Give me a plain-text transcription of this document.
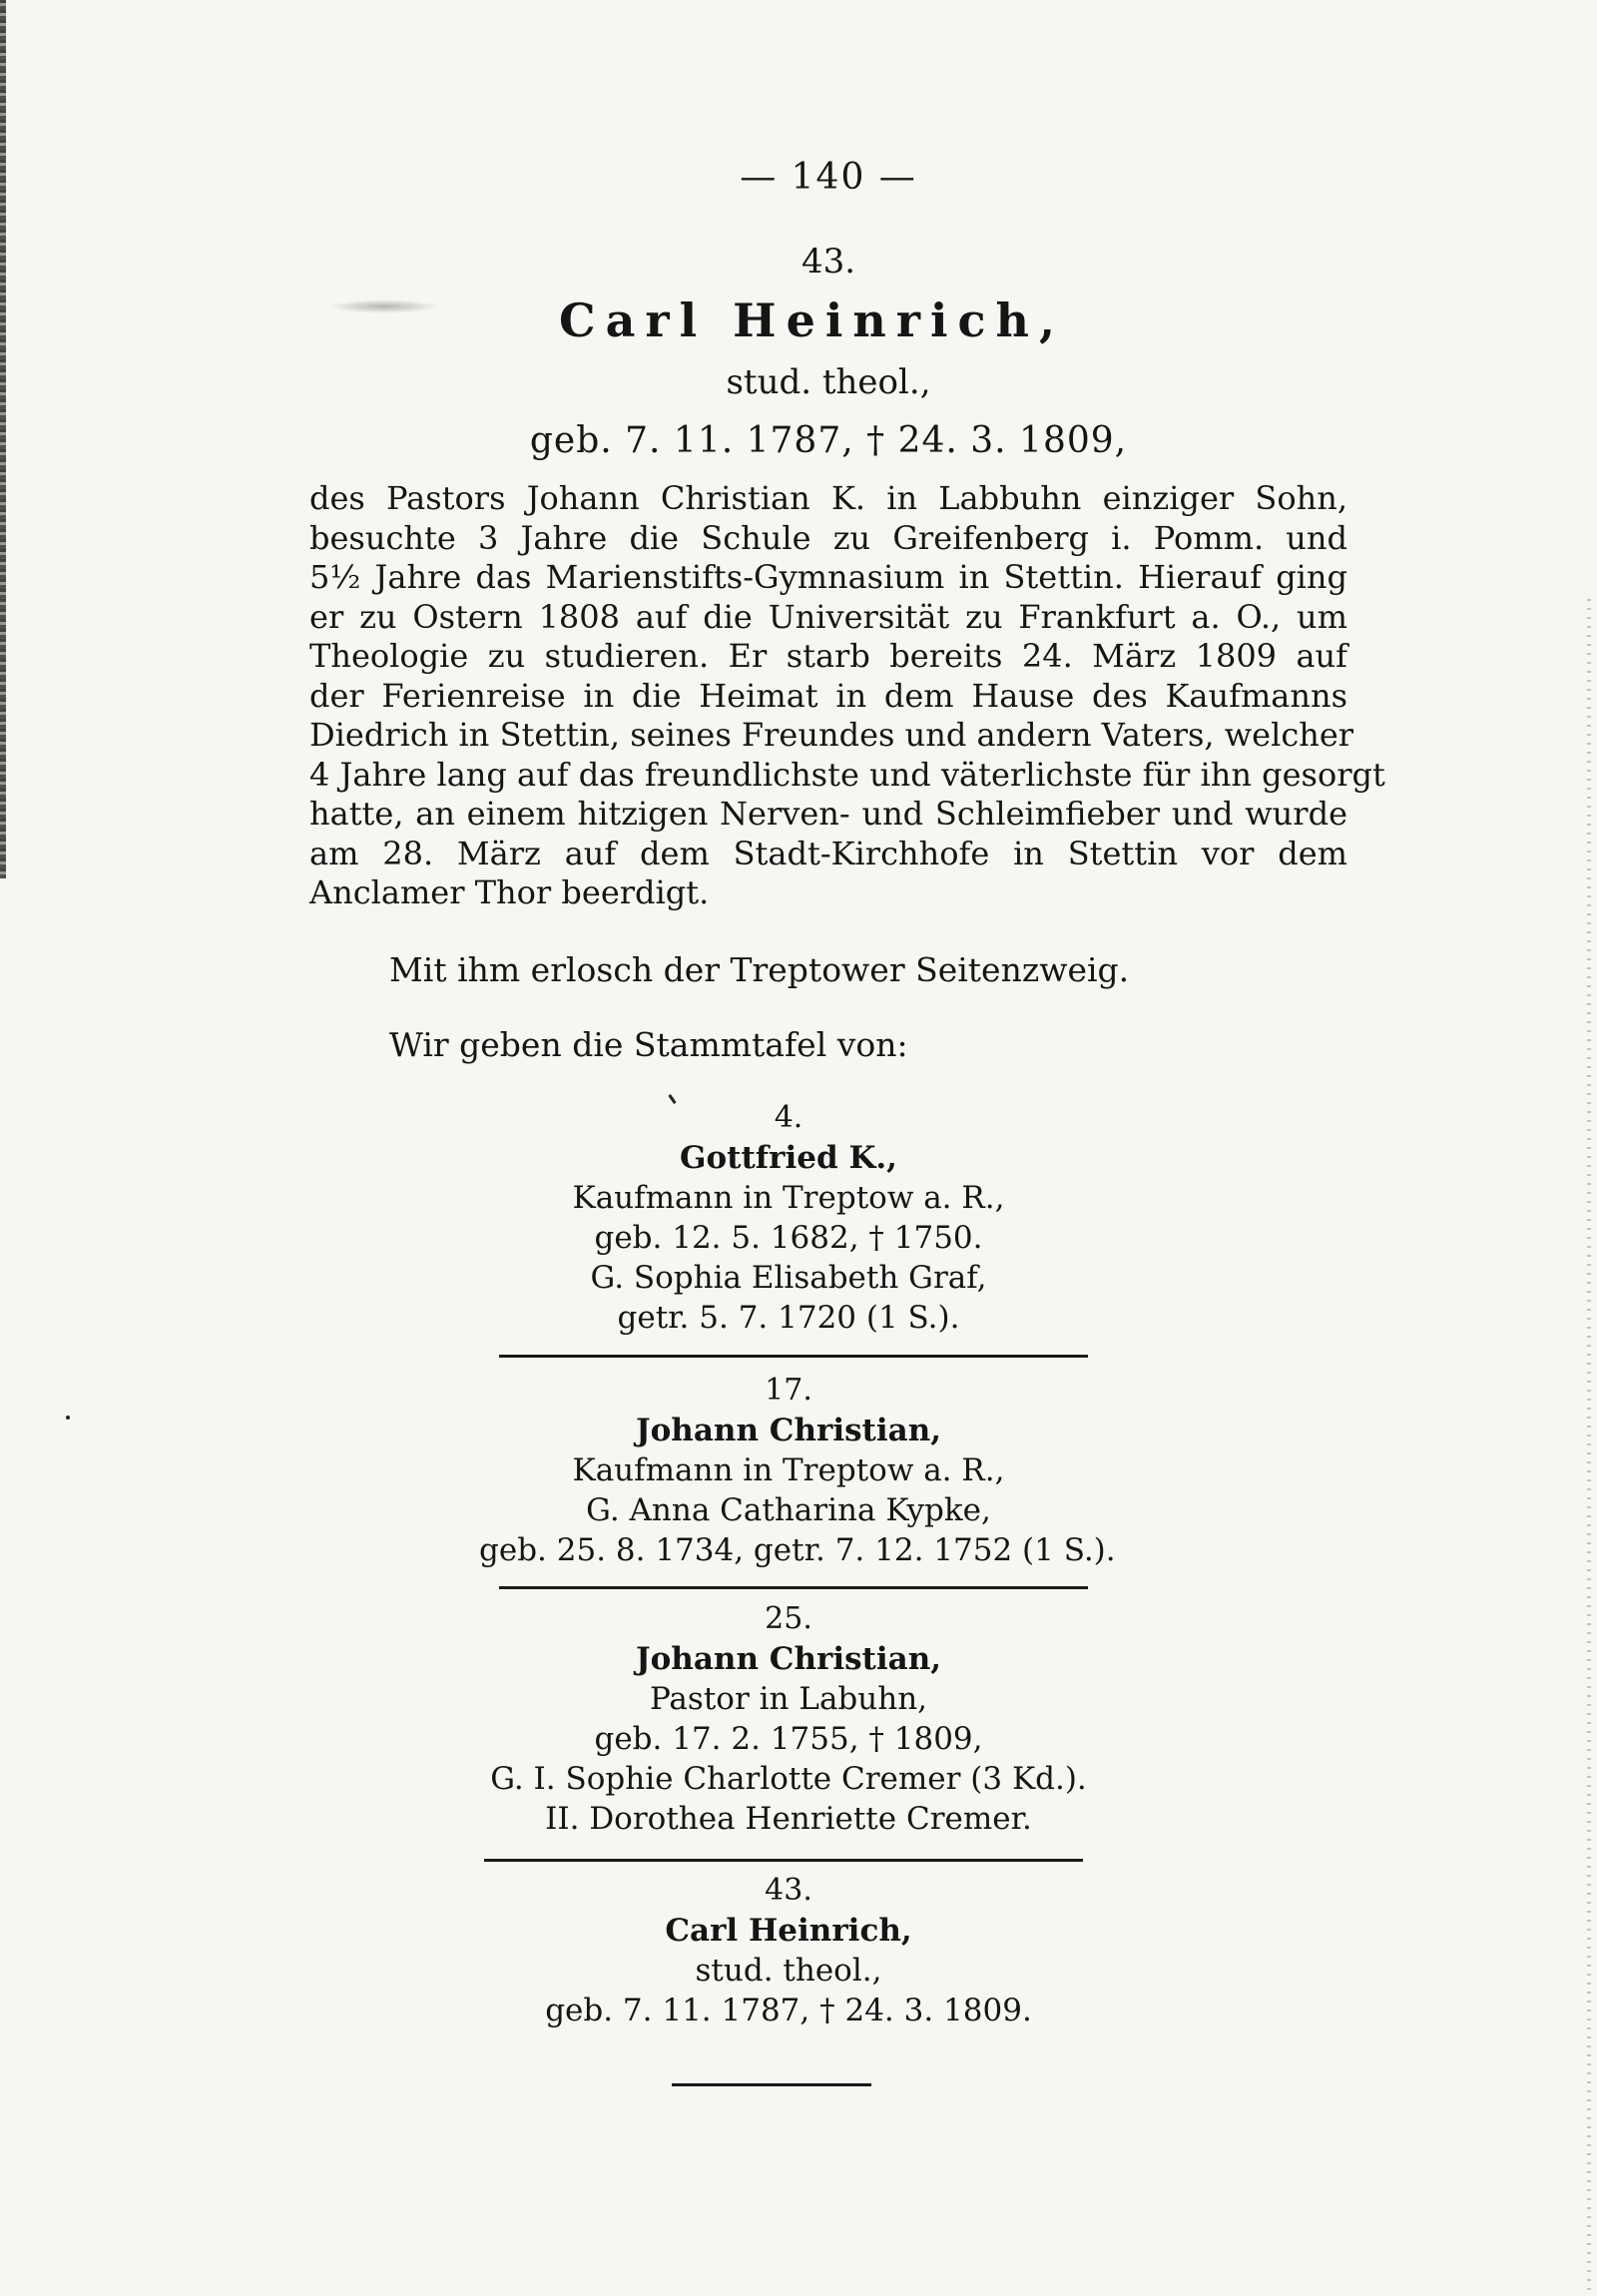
— 140 —
43.
Carl Heinrich,
stud. theol.,
geb. 7. 11. 1787, † 24. 3. 1809,
des Pastors Johann Christian K. in Labbuhn einziger Sohn,
besuchte 3 Jahre die Schule zu Greifenberg i. Pomm. und
5½ Jahre das Marienstifts-Gymnasium in Stettin. Hierauf ging
er zu Ostern 1808 auf die Universität zu Frankfurt a. O., um
Theologie zu studieren. Er starb bereits 24. März 1809 auf
der Ferienreise in die Heimat in dem Hause des Kaufmanns
Diedrich in Stettin, seines Freundes und andern Vaters, welcher
4 Jahre lang auf das freundlichste und väterlichste für ihn gesorgt
hatte, an einem hitzigen Nerven- und Schleimfieber und wurde
am 28. März auf dem Stadt-Kirchhofe in Stettin vor dem
Anclamer Thor beerdigt.
Mit ihm erlosch der Treptower Seitenzweig.
Wir geben die Stammtafel von:
4.
Gottfried K.,
Kaufmann in Treptow a. R.,
geb. 12. 5. 1682, † 1750.
G. Sophia Elisabeth Graf,
getr. 5. 7. 1720 (1 S.).
17.
Johann Christian,
Kaufmann in Treptow a. R.,
G. Anna Catharina Kypke,
geb. 25. 8. 1734, getr. 7. 12. 1752 (1 S.).
25.
Johann Christian,
Pastor in Labuhn,
geb. 17. 2. 1755, † 1809,
G. I. Sophie Charlotte Cremer (3 Kd.).
II. Dorothea Henriette Cremer.
43.
Carl Heinrich,
stud. theol.,
geb. 7. 11. 1787, † 24. 3. 1809.
